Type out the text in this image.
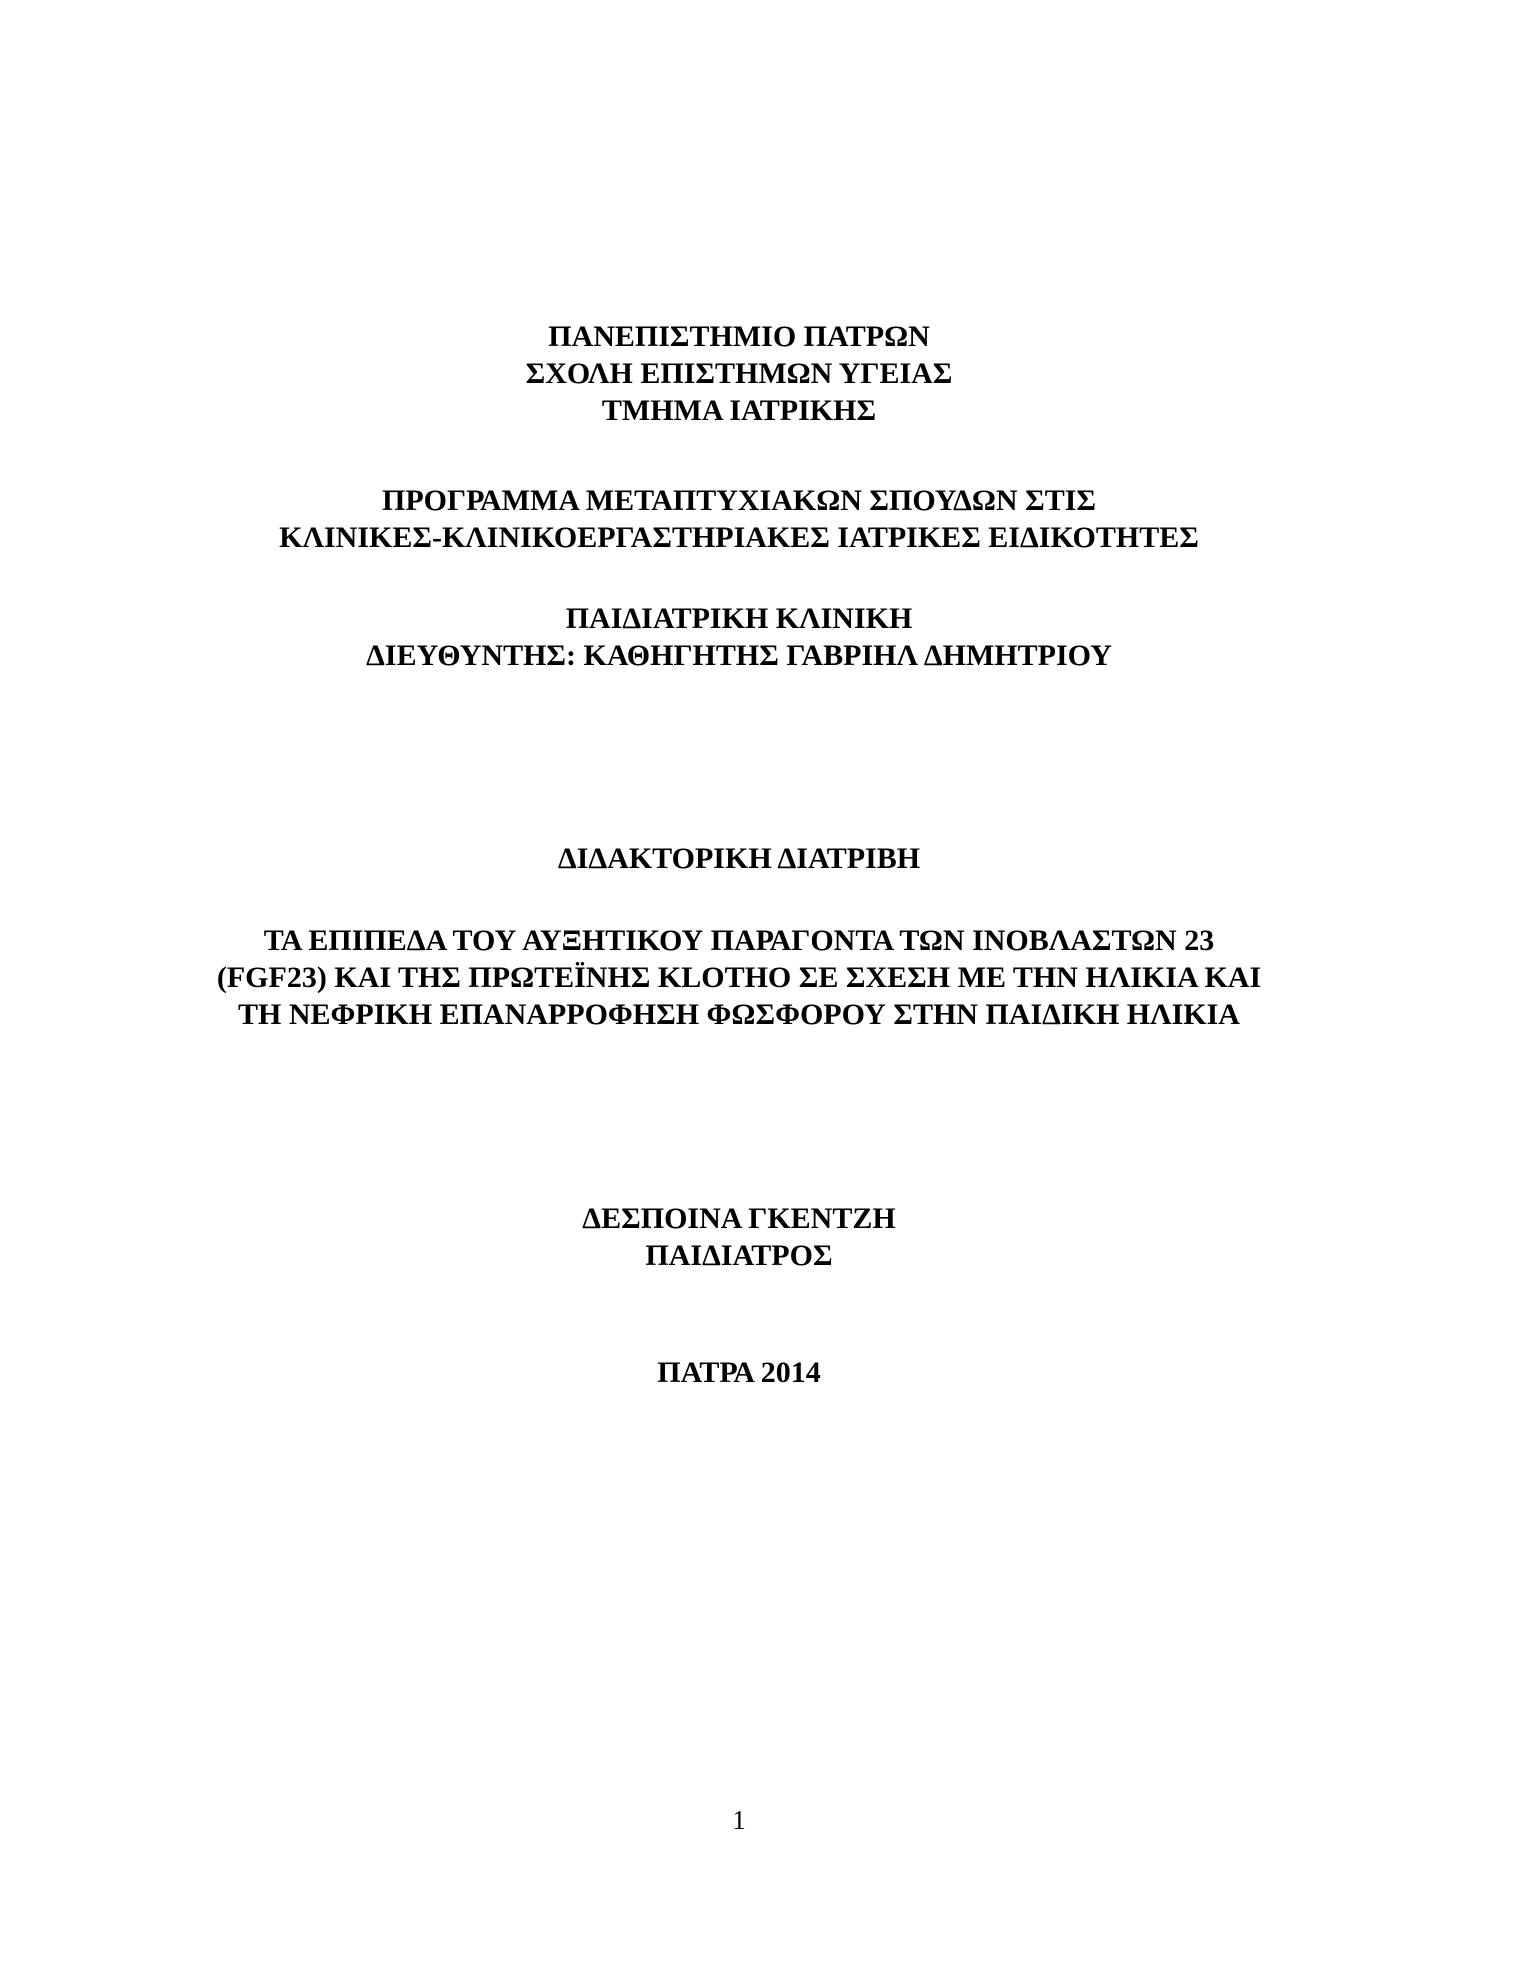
ΠΑΝΕΠΙΣΤΗΜΙΟ ΠΑΤΡΩΝ
ΣΧΟΛΗ ΕΠΙΣΤΗΜΩΝ ΥΓΕΙΑΣ
ΤΜΗΜΑ ΙΑΤΡΙΚΗΣ
ΠΡΟΓΡΑΜΜΑ ΜΕΤΑΠΤΥΧΙΑΚΩΝ ΣΠΟΥΔΩΝ ΣΤΙΣ
ΚΛΙΝΙΚΕΣ-ΚΛΙΝΙΚΟΕΡΓΑΣΤΗΡΙΑΚΕΣ ΙΑΤΡΙΚΕΣ ΕΙΔΙΚΟΤΗΤΕΣ
ΠΑΙΔΙΑΤΡΙΚΗ ΚΛΙΝΙΚΗ
ΔΙΕΥΘΥΝΤΗΣ: ΚΑΘΗΓΗΤΗΣ ΓΑΒΡΙΗΛ ΔΗΜΗΤΡΙΟΥ
ΔΙΔΑΚΤΟΡΙΚΗ ΔΙΑΤΡΙΒΗ
ΤΑ ΕΠΙΠΕΔΑ ΤΟΥ ΑΥΞΗΤΙΚΟΥ ΠΑΡΑΓΟΝΤΑ ΤΩΝ ΙΝΟΒΛΑΣΤΩΝ 23
(FGF23) ΚΑΙ ΤΗΣ ΠΡΩΤΕΪΝΗΣ KLOTHO ΣΕ ΣΧΕΣΗ ΜΕ ΤΗΝ ΗΛΙΚΙΑ ΚΑΙ
ΤΗ ΝΕΦΡΙΚΗ ΕΠΑΝΑΡΡΟΦΗΣΗ ΦΩΣΦΟΡΟΥ ΣΤΗΝ ΠΑΙΔΙΚΗ ΗΛΙΚΙΑ
ΔΕΣΠΟΙΝΑ ΓΚΕΝΤΖΗ
ΠΑΙΔΙΑΤΡΟΣ
ΠΑΤΡΑ 2014
1
